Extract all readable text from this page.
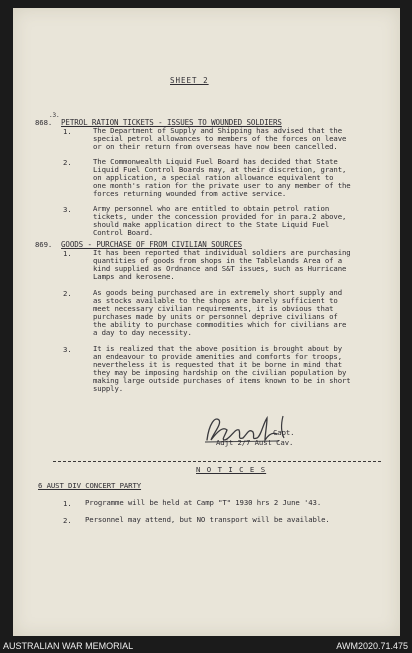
SHEET 2
.3.
868. PETROL RATION TICKETS - ISSUES TO WOUNDED SOLDIERS
1.	The Department of Supply and Shipping has advised that the
special petrol allowances to members of the forces on leave
or on their return from overseas have now been cancelled.
2.	The Commonwealth Liquid Fuel Board has decided that State
Liquid Fuel Control Boards may, at their discretion, grant,
on application, a special ration allowance equivalent to
one month's ration for the private user to any member of the
forces returning wounded from active service.
3.	Army personnel who are entitled to obtain petrol ration
tickets, under the concession provided for in para.2 above,
should make application direct to the State Liquid Fuel
Control Board.
869. GOODS - PURCHASE OF FROM CIVILIAN SOURCES
1.	It has been reported that individual soldiers are purchasing
quantities of goods from shops in the Tablelands Area of a
kind supplied as Ordnance and S&T issues, such as Hurricane
Lamps and kerosene.
2.	As goods being purchased are in extremely short supply and
as stocks available to the shops are barely sufficient to
meet necessary civilian requirements, it is obvious that
purchases made by units or personnel deprive civilians of
the ability to purchase commodities which for civilians are
a day to day necessity.
3.	It is realized that the above position is brought about by
an endeavour to provide amenities and comforts for troops,
nevertheless it is requested that it be borne in mind that
they may be imposing hardship on the civilian population by
making large outside purchases of items known to be in short
supply.
Capt.
Adjt 2/7 Aust Cav.
N O T I C E S
6 AUST DIV CONCERT PARTY
1. Programme will be held at Camp "T" 1930 hrs 2 June '43.
2. Personnel may attend, but NO transport will be available.
AUSTRALIAN WAR MEMORIAL	AWM2020.71.475
